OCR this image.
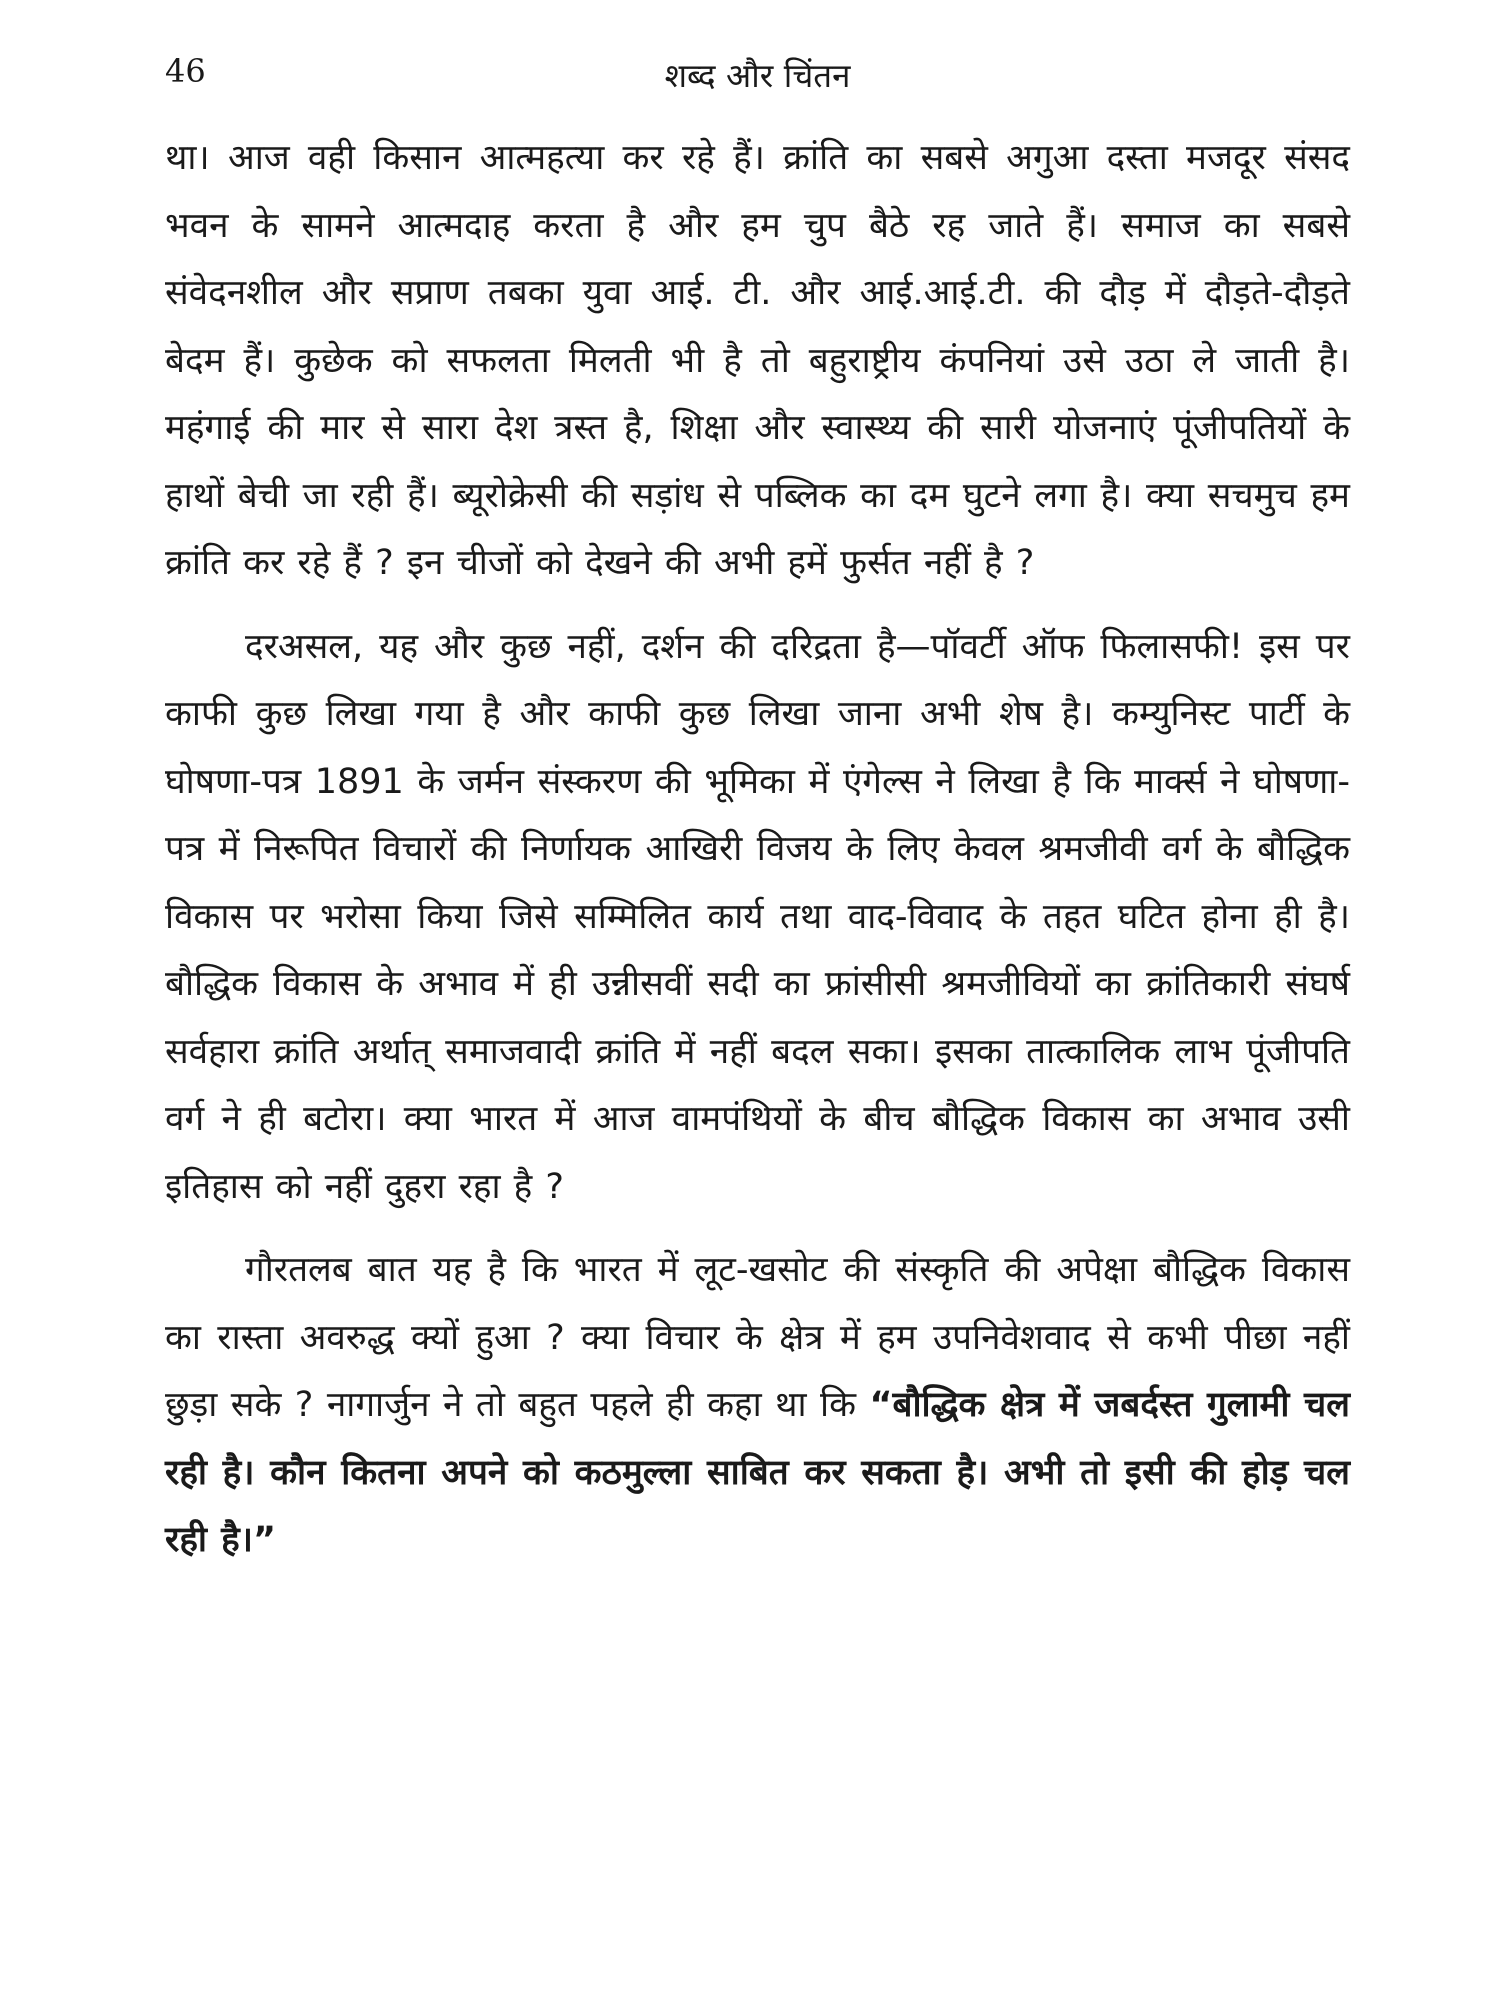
46	शब्द और चिंतन

था। आज वही किसान आत्महत्या कर रहे हैं। क्रांति का सबसे अगुआ दस्ता मजदूर संसद भवन के सामने आत्मदाह करता है और हम चुप बैठे रह जाते हैं। समाज का सबसे संवेदनशील और सप्राण तबका युवा आई. टी. और आई.आई.टी. की दौड़ में दौड़ते-दौड़ते बेदम हैं। कुछेक को सफलता मिलती भी है तो बहुराष्ट्रीय कंपनियां उसे उठा ले जाती है। महंगाई की मार से सारा देश त्रस्त है, शिक्षा और स्वास्थ्य की सारी योजनाएं पूंजीपतियों के हाथों बेची जा रही हैं। ब्यूरोक्रेसी की सड़ांध से पब्लिक का दम घुटने लगा है। क्या सचमुच हम क्रांति कर रहे हैं ? इन चीजों को देखने की अभी हमें फुर्सत नहीं है ?

दरअसल, यह और कुछ नहीं, दर्शन की दरिद्रता है—पॉवर्टी ऑफ फिलासफी! इस पर काफी कुछ लिखा गया है और काफी कुछ लिखा जाना अभी शेष है। कम्युनिस्ट पार्टी के घोषणा-पत्र 1891 के जर्मन संस्करण की भूमिका में एंगेल्स ने लिखा है कि मार्क्स ने घोषणा-पत्र में निरूपित विचारों की निर्णायक आखिरी विजय के लिए केवल श्रमजीवी वर्ग के बौद्धिक विकास पर भरोसा किया जिसे सम्मिलित कार्य तथा वाद-विवाद के तहत घटित होना ही है। बौद्धिक विकास के अभाव में ही उन्नीसवीं सदी का फ्रांसीसी श्रमजीवियों का क्रांतिकारी संघर्ष सर्वहारा क्रांति अर्थात् समाजवादी क्रांति में नहीं बदल सका। इसका तात्कालिक लाभ पूंजीपति वर्ग ने ही बटोरा। क्या भारत में आज वामपंथियों के बीच बौद्धिक विकास का अभाव उसी इतिहास को नहीं दुहरा रहा है ?

गौरतलब बात यह है कि भारत में लूट-खसोट की संस्कृति की अपेक्षा बौद्धिक विकास का रास्ता अवरुद्ध क्यों हुआ ? क्या विचार के क्षेत्र में हम उपनिवेशवाद से कभी पीछा नहीं छुड़ा सके ? नागार्जुन ने तो बहुत पहले ही कहा था कि “बौद्धिक क्षेत्र में जबर्दस्त गुलामी चल रही है। कौन कितना अपने को कठमुल्ला साबित कर सकता है। अभी तो इसी की होड़ चल रही है।”
